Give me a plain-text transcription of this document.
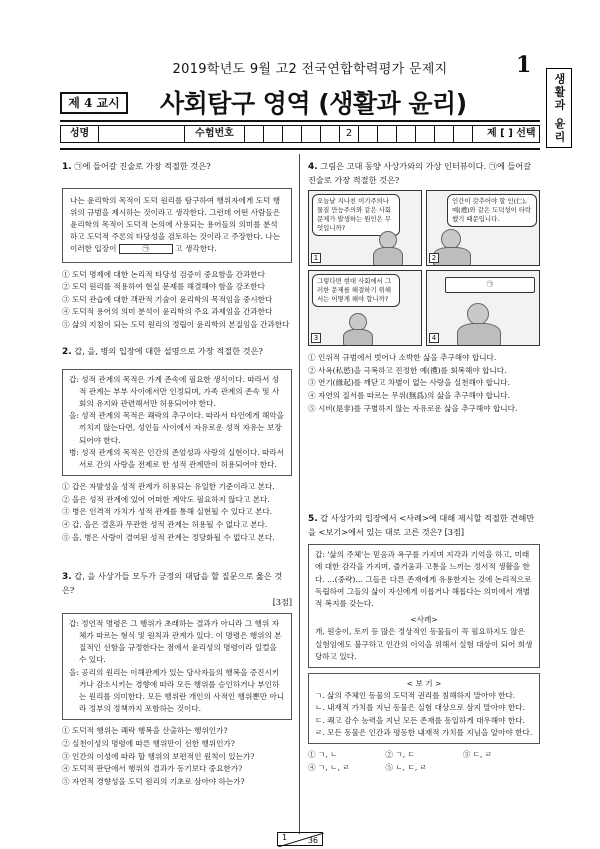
2019학년도 9월 고2 전국연합학력평가 문제지	1
생활과 윤리
제 4 교시	사회탐구 영역 (생활과 윤리)
성명	수험번호	2	제 [ ] 선택
1. ㉠에 들어갈 진술로 가장 적절한 것은?
나는 윤리학의 목적이 도덕 원리를 탐구하여 행위자에게 도덕 행위의 규범을 제시하는 것이라고 생각한다. 그런데 어떤 사람들은 윤리학의 목적이 도덕적 논의에 사용되는 용어들의 의미를 분석하고 도덕적 주론의 타당성을 검토하는 것이라고 주장한다. 나는 이러한 입장이	㉠	고 생각한다.
① 도덕 명제에 대한 논리적 타당성 검증이 중요함을 간과한다
② 도덕 원리를 적용하여 현실 문제를 해결해야 함을 강조한다
③ 도덕 관습에 대한 객관적 기술이 윤리학의 목적임을 중시한다
④ 도덕적 용어의 의미 분석이 윤리학의 주요 과제임을 간과한다
⑤ 삶의 지침이 되는 도덕 원리의 정립이 윤리학의 본질임을 간과한다
2. 갑, 을, 병의 입장에 대한 설명으로 가장 적절한 것은?
갑: 성적 관계의 목적은 가계 존속에 필요한 생식이다. 따라서 성적 관계는 부부 사이에서만 인정되며, 가족 관계의 존속 및 사회의 유지와 관련해서만 허용되어야 한다.
을: 성적 관계의 목적은 쾌락의 추구이다. 따라서 타인에게 해악을 끼치지 않는다면, 성인들 사이에서 자유로운 성적 자유는 보장되어야 한다.
병: 성적 관계의 목적은 인간의 존엄성과 사랑의 실현이다. 따라서 서로 간의 사랑을 전제로 한 성적 관계만이 허용되어야 한다.
① 갑은 자발성을 성적 관계가 허용되는 유일한 기준이라고 본다.
② 을은 성적 관계에 있어 어떠한 계약도 필요하지 않다고 본다.
③ 병은 인격적 가치가 성적 관계를 통해 실현될 수 있다고 본다.
④ 갑, 을은 결혼과 무관한 성적 관계는 허용될 수 없다고 본다.
⑤ 을, 병은 사랑이 결여된 성적 관계는 정당화될 수 없다고 본다.
3. 갑, 을 사상가들 모두가 긍정의 대답을 할 질문으로 옳은 것은?
[3점]
갑: 정언적 명령은 그 행위가 초래하는 결과가 아니라 그 행위 자체가 따르는 형식 및 원칙과 관계가 있다. 이 명령은 행위의 본질적인 선함을 규정한다는 점에서 윤리성의 명령이라 일컬을 수 있다.
을: 공리의 원리는 이해관계가 있는 당사자들의 행복을 증진시키거나 감소시키는 경향에 따라 모든 행위를 승인하거나 부인하는 원리를 의미한다. 모든 행위란 개인의 사적인 행위뿐만 아니라 정부의 정책까지 포함하는 것이다.
① 도덕적 행위는 쾌락 행복을 산출하는 행위인가?
② 실천이성의 명령에 따른 행위만이 선한 행위인가?
③ 인간의 이성에 따라 할 행위의 보편적인 원칙이 있는가?
④ 도덕적 판단에서 행위의 결과가 동기보다 중요한가?
⑤ 자연적 경향성을 도덕 원리의 기초로 삼아야 하는가?
4. 그림은 고대 동양 사상가와의 가상 인터뷰이다. ㉠에 들어갈 진술로 가장 적절한 것은?
오늘날 지나친 이기주의나 물질 만능주의와 같은 사회 문제가 발생하는 원인은 무엇입니까?
1
인간이 갖추어야 할 인(仁), 예(禮)와 같은 도덕성이 타락했기 때문입니다.
2
그렇다면 현대 사회에서 그러한 문제를 해결하기 위해서는 어떻게 해야 합니까?
3
㉠
4
① 인위적 규범에서 벗어나 소박한 삶을 추구해야 합니다.
② 사욕(私慾)을 극복하고 진정한 예(禮)를 회복해야 합니다.
③ 연기(緣起)를 깨닫고 차별이 없는 사랑을 실천해야 합니다.
④ 자연의 질서를 따르는 무위(無爲)의 삶을 추구해야 합니다.
⑤ 시비(是非)를 구별하지 않는 자유로운 삶을 추구해야 합니다.
5. 갑 사상가의 입장에서 <사례>에 대해 제시할 적절한 견해만을 <보기>에서 있는 대로 고른 것은? [3점]
갑: '삶의 주체'는 믿음과 욕구를 가지며 지각과 기억을 하고, 미래에 대한 감각을 가지며, 즐거움과 고통을 느끼는 정서적 생활을 한다. …(중략)… 그들은 다른 존재에게 유용한지는 것에 논리적으로 독립하여 그들의 삶이 자신에게 이롭거나 해롭다는 의미에서 개별적 복지를 갖는다.
<사례>
개, 원숭이, 토끼 등 많은 정상적인 동물들이 꼭 필요하지도 않은 실험임에도 불구하고 인간의 이익을 위해서 실험 대상이 되어 희생당하고 있다.
< 보 기 >
ㄱ. 삶의 주체인 동물의 도덕적 권리를 침해하지 말아야 한다.
ㄴ. 내재적 가치를 지닌 동물은 실험 대상으로 삼지 말아야 한다.
ㄷ. 쾌고 감수 능력을 지닌 모든 존재를 동일하게 대우해야 한다.
ㄹ. 모든 동물은 인간과 평등한 내재적 가치를 지님을 알아야 한다.
① ㄱ, ㄴ	② ㄱ, ㄷ	③ ㄷ, ㄹ
④ ㄱ, ㄴ, ㄹ	⑤ ㄴ, ㄷ, ㄹ
1	36
